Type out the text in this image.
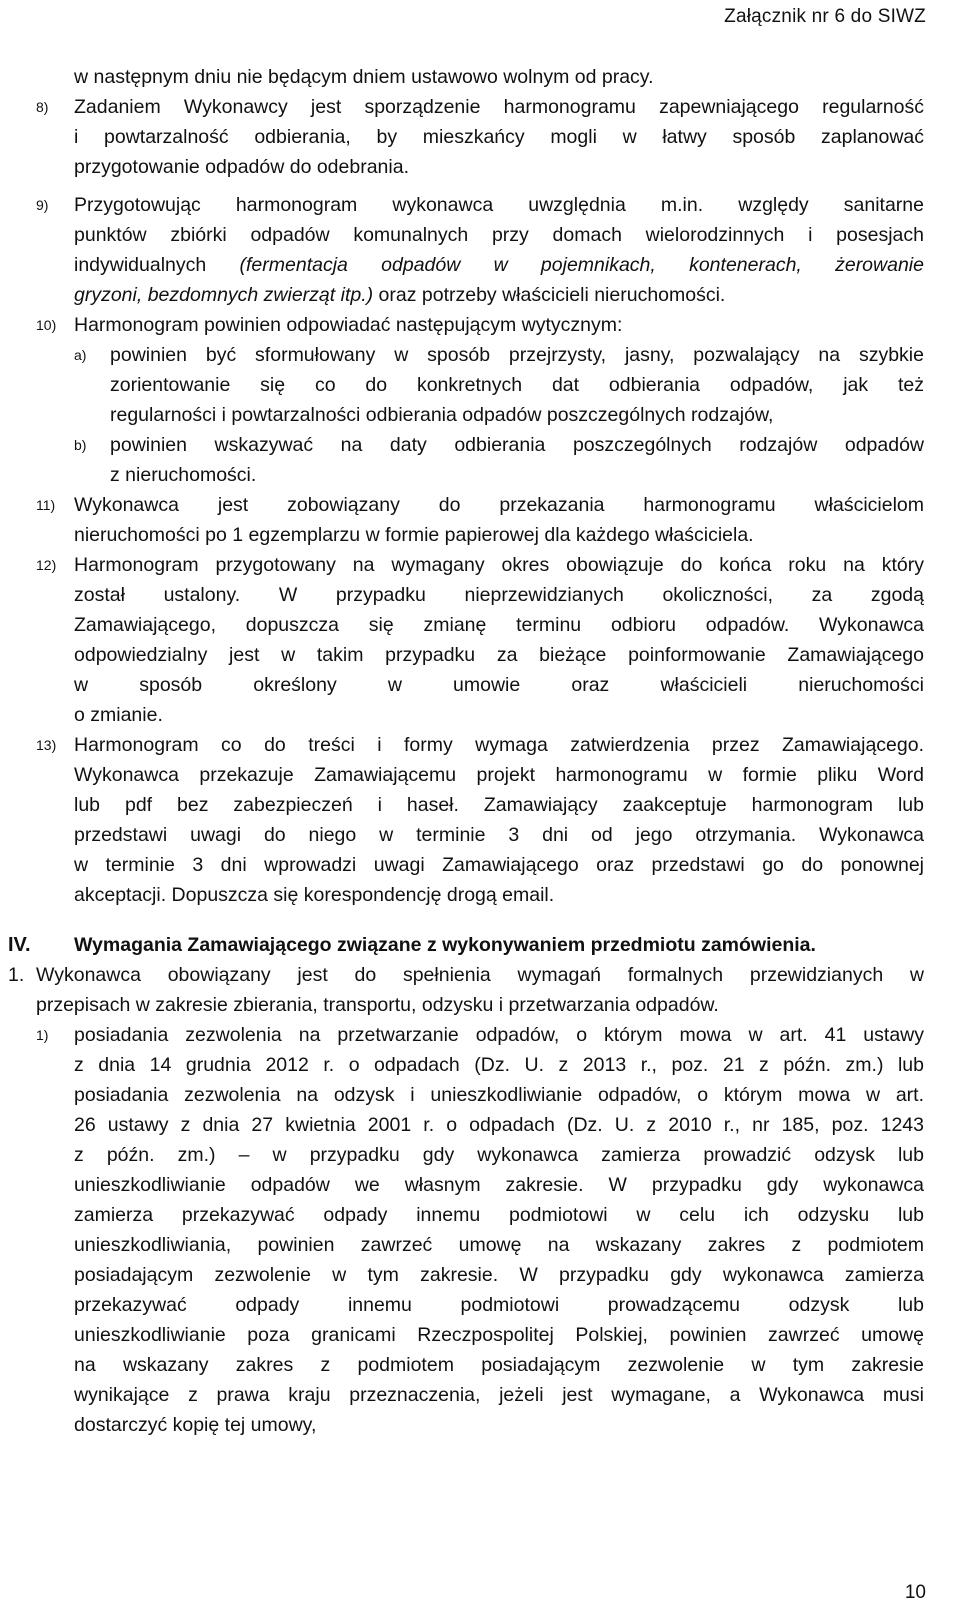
Załącznik nr 6 do SIWZ
w następnym dniu nie będącym dniem ustawowo wolnym od pracy.
8) Zadaniem Wykonawcy jest sporządzenie harmonogramu zapewniającego regularność
i powtarzalność odbierania, by mieszkańcy mogli w łatwy sposób zaplanować
przygotowanie odpadów do odebrania.
9) Przygotowując harmonogram wykonawca uwzględnia m.in. względy sanitarne
punktów zbiórki odpadów komunalnych przy domach wielorodzinnych i posesjach
indywidualnych (fermentacja odpadów w pojemnikach, kontenerach, żerowanie
gryzoni, bezdomnych zwierząt itp.) oraz potrzeby właścicieli nieruchomości.
10) Harmonogram powinien odpowiadać następującym wytycznym:
a) powinien być sformułowany w sposób przejrzysty, jasny, pozwalający na szybkie
zorientowanie się co do konkretnych dat odbierania odpadów, jak też
regularności i powtarzalności odbierania odpadów poszczególnych rodzajów,
b) powinien wskazywać na daty odbierania poszczególnych rodzajów odpadów
z nieruchomości.
11) Wykonawca jest zobowiązany do przekazania harmonogramu właścicielom
nieruchomości po 1 egzemplarzu w formie papierowej dla każdego właściciela.
12) Harmonogram przygotowany na wymagany okres obowiązuje do końca roku na który
został ustalony. W przypadku nieprzewidzianych okoliczności, za zgodą
Zamawiającego, dopuszcza się zmianę terminu odbioru odpadów. Wykonawca
odpowiedzialny jest w takim przypadku za bieżące poinformowanie Zamawiającego
w sposób określony w umowie oraz właścicieli nieruchomości
o zmianie.
13) Harmonogram co do treści i formy wymaga zatwierdzenia przez Zamawiającego.
Wykonawca przekazuje Zamawiającemu projekt harmonogramu w formie pliku Word
lub pdf bez zabezpieczeń i haseł. Zamawiający zaakceptuje harmonogram lub
przedstawi uwagi do niego w terminie 3 dni od jego otrzymania. Wykonawca
w terminie 3 dni wprowadzi uwagi Zamawiającego oraz przedstawi go do ponownej
akceptacji. Dopuszcza się korespondencję drogą email.
IV. Wymagania Zamawiającego związane z wykonywaniem przedmiotu zamówienia.
1. Wykonawca obowiązany jest do spełnienia wymagań formalnych przewidzianych w
przepisach w zakresie zbierania, transportu, odzysku i przetwarzania odpadów.
1) posiadania zezwolenia na przetwarzanie odpadów, o którym mowa w art. 41 ustawy
z dnia 14 grudnia 2012 r. o odpadach (Dz. U. z 2013 r., poz. 21 z późn. zm.) lub
posiadania zezwolenia na odzysk i unieszkodliwianie odpadów, o którym mowa w art.
26 ustawy z dnia 27 kwietnia 2001 r. o odpadach (Dz. U. z 2010 r., nr 185, poz. 1243
z późn. zm.) – w przypadku gdy wykonawca zamierza prowadzić odzysk lub
unieszkodliwianie odpadów we własnym zakresie. W przypadku gdy wykonawca
zamierza przekazywać odpady innemu podmiotowi w celu ich odzysku lub
unieszkodliwiania, powinien zawrzeć umowę na wskazany zakres z podmiotem
posiadającym zezwolenie w tym zakresie. W przypadku gdy wykonawca zamierza
przekazywać odpady innemu podmiotowi prowadzącemu odzysk lub
unieszkodliwianie poza granicami Rzeczpospolitej Polskiej, powinien zawrzeć umowę
na wskazany zakres z podmiotem posiadającym zezwolenie w tym zakresie
wynikające z prawa kraju przeznaczenia, jeżeli jest wymagane, a Wykonawca musi
dostarczyć kopię tej umowy,
10
